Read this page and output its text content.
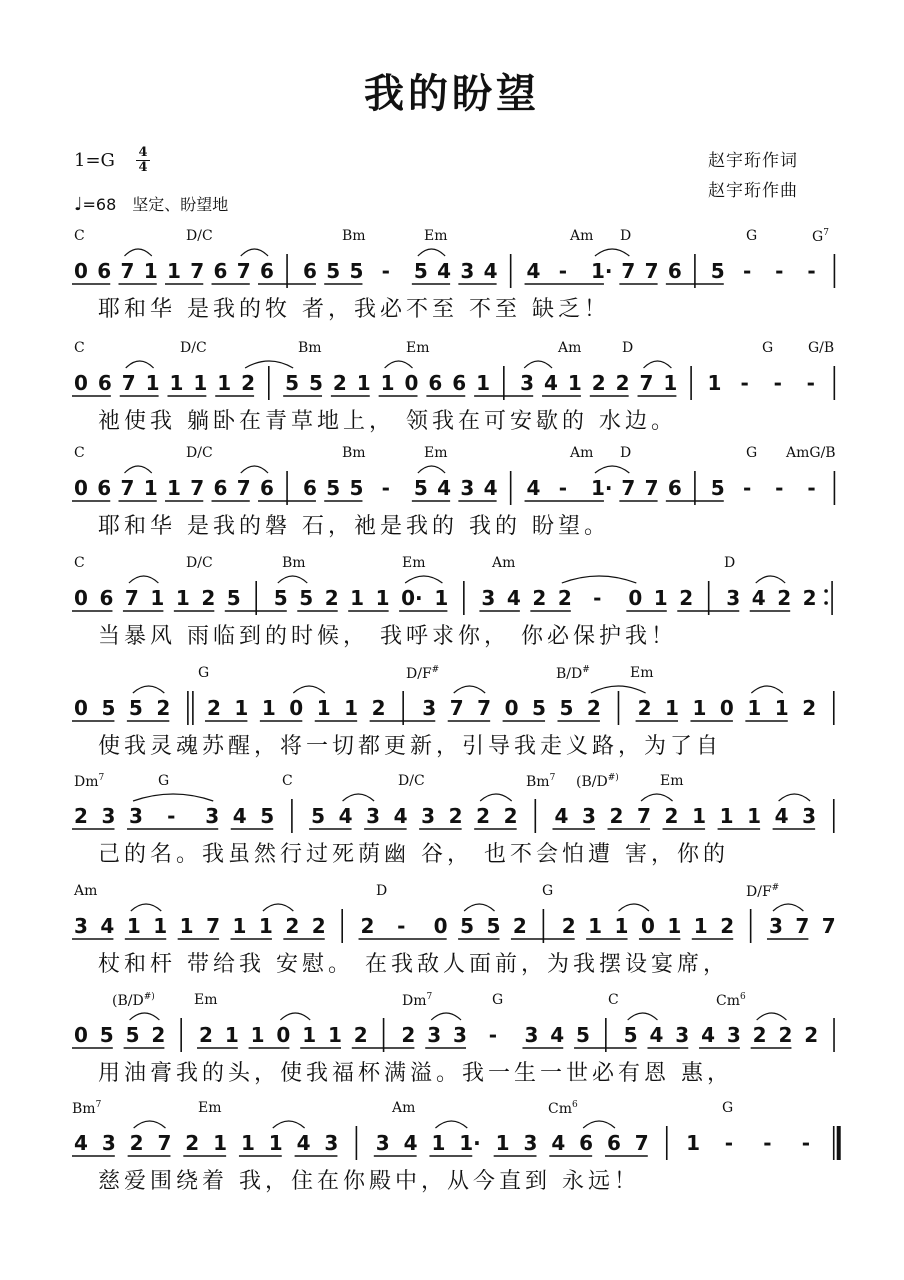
我的盼望
1=G 4
4
♩=68 坚定、盼望地
赵宇珩作词
赵宇珩作曲
C	D/C	Bm	Em	Am D	G	$G^7$
0 6 7 1 1 7 6 7 6 6 5 5 - 5 4 3 4 4 - 1· 7 7 6 5 - - -
耶和华 是我的牧 者，我必不至 不至 缺乏！
C	D/C	Bm	Em	Am	D	G G/B
0 6 7 1 1 1 1 2 5 5 2 1 1 0 6 6 1 3 4 1 2 2 7 1 1 - - -
祂使我 躺卧在青草地上， 领我在可安歇的 水边。
C	D/C	Bm	Em	Am D	G AmG/B
0 6 7 1 1 7 6 7 6 6 5 5 - 5 4 3 4 4 - 1· 7 7 6 5 - - -
耶和华 是我的磐 石，祂是我的 我的 盼望。
C	D/C	Bm	Em	Am	D
0 6 7 1 1 2 5 5 5 2 1 1 0· 1 3 4 2 2 - 0 1 2 3 4 2 2
当暴风 雨临到的时候， 我呼求你， 你必保护我！
G	D/F#	B/D#	Em
0 5 5 2 2 1 1 0 1 1 2 3 7 7 0 5 5 2 2 1 1 0 1 1 2
使我灵魂苏醒，将一切都更新，引导我走义路，为了自
Dm$^7$	G	C	D/C	Bm$^7$ (B/D#)	Em
2 3 3 - 3 4 5 5 4 3 4 3 2 2 2 4 3 2 7 2 1 1 1 4 3
己的名。我虽然行过死荫幽 谷， 也不会怕遭 害，你的
Am	D	G	D/F#
3 4 1 1 1 7 1 1 2 2 2 - 0 5 5 2 2 1 1 0 1 1 2 3 7 7
杖和杆 带给我 安慰。 在我敌人面前，为我摆设宴席，
(B/D#)	Em	Dm$^7$	G	C	Cm$^6$
0 5 5 2 2 1 1 0 1 1 2 2 3 3 - 3 4 5 5 4 3 4 3 2 2 2
用油膏我的头，使我福杯满溢。我一生一世必有恩 惠，
Bm$^7$	Em	Am	Cm$^6$	G
4 3 2 7 2 1 1 1 4 3 3 4 1 1· 1 3 4 6 6 7 1 - - -
慈爱围绕着 我，住在你殿中，从今直到 永远！
